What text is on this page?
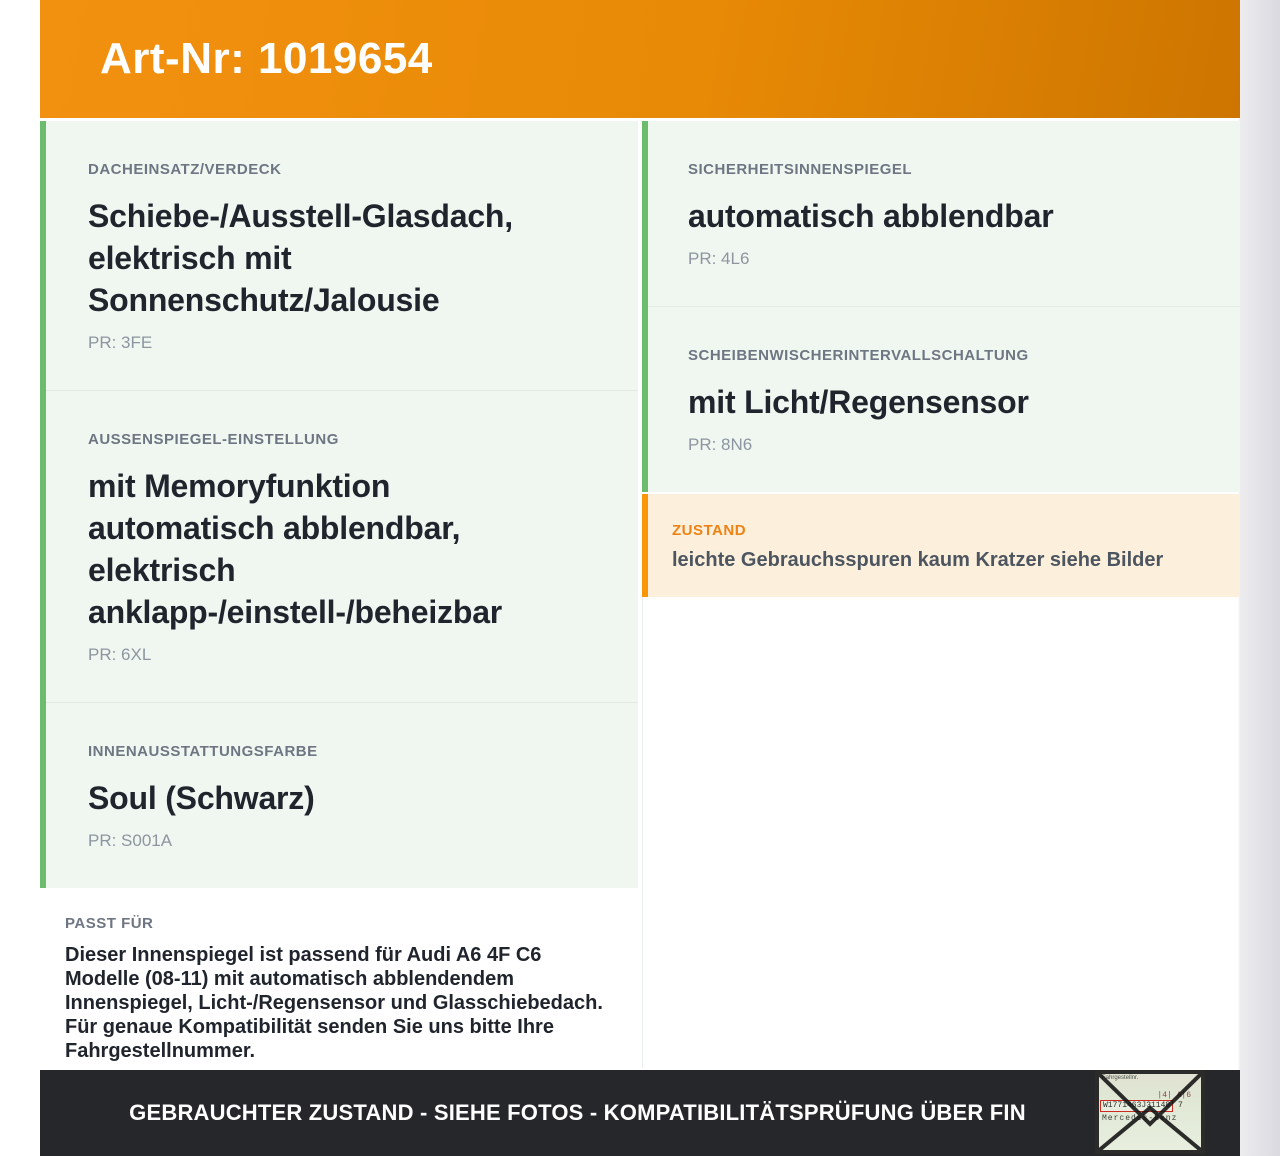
Art-Nr: 1019654
DACHEINSATZ/VERDECK
Schiebe-/Ausstell-Glasdach, elektrisch mit Sonnenschutz/Jalousie
PR: 3FE
AUSSENSPIEGEL-EINSTELLUNG
mit Memoryfunktion automatisch abblendbar, elektrisch anklapp-/einstell-/beheizbar
PR: 6XL
INNENAUSSTATTUNGSFARBE
Soul (Schwarz)
PR: S001A
PASST FÜR

Dieser Innenspiegel ist passend für Audi A6 4F C6 Modelle (08-11) mit automatisch abblendendem Innenspiegel, Licht-/Regensensor und Glasschiebedach. Für genaue Kompatibilität senden Sie uns bitte Ihre Fahrgestellnummer.

SICHERHEITSINNENSPIEGEL
automatisch abblendbar
PR: 4L6
SCHEIBENWISCHERINTERVALLSCHALTUNG
mit Licht/Regensensor
PR: 8N6
ZUSTAND
leichte Gebrauchsspuren kaum Kratzer siehe Bilder
GEBRAUCHTER ZUSTAND - SIEHE FOTOS - KOMPATIBILITÄTSPRÜFUNG ÜBER FIN
Fahrgestellnr.
|4| A|6
W1771463J31148 7
Mercedes-Benz
